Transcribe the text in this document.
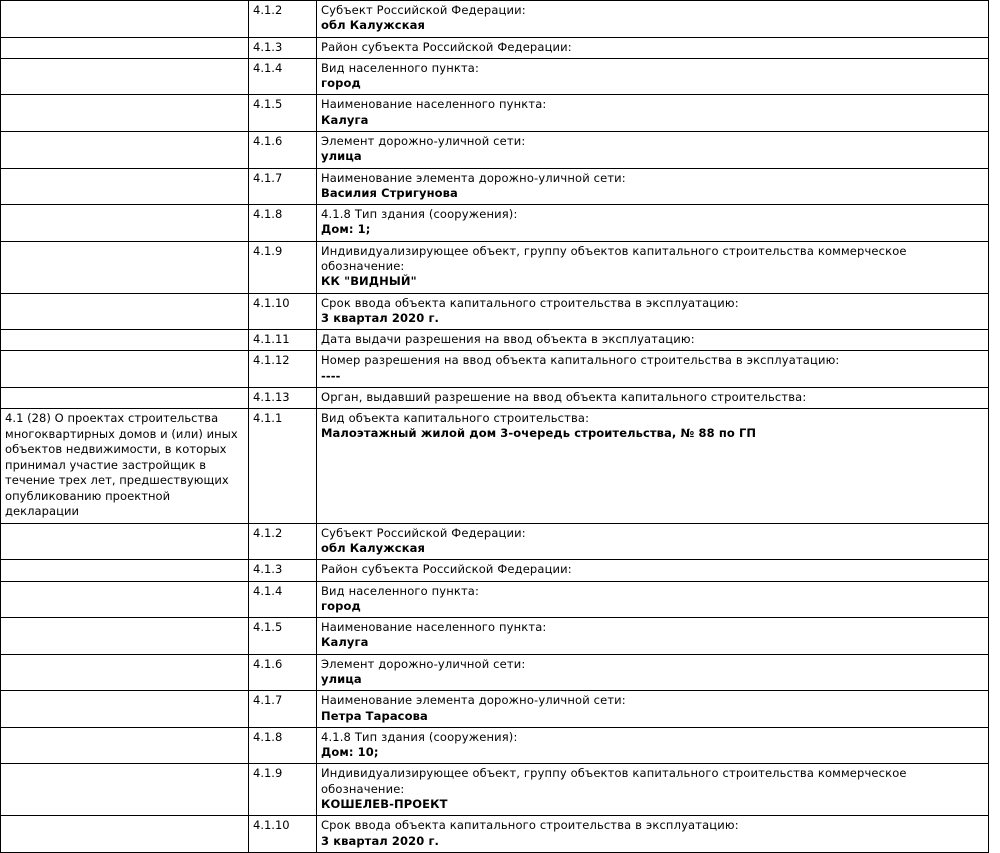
	4.1.2	Субъект Российской Федерации:
обл Калужская

	4.1.3	Район субъекта Российской Федерации:

	4.1.4	Вид населенного пункта:
город

	4.1.5	Наименование населенного пункта:
Калуга

	4.1.6	Элемент дорожно-уличной сети:
улица

	4.1.7	Наименование элемента дорожно-уличной сети:
Василия Стригунова

	4.1.8	4.1.8 Тип здания (сооружения):
Дом: 1;

	4.1.9	Индивидуализирующее объект, группу объектов капитального строительства коммерческое обозначение:
КК "ВИДНЫЙ"

	4.1.10	Срок ввода объекта капитального строительства в эксплуатацию:
3 квартал 2020 г.

	4.1.11	Дата выдачи разрешения на ввод объекта в эксплуатацию:

	4.1.12	Номер разрешения на ввод объекта капитального строительства в эксплуатацию:
----

	4.1.13	Орган, выдавший разрешение на ввод объекта капитального строительства:

4.1 (28) О проектах строительства многоквартирных домов и (или) иных объектов недвижимости, в которых принимал участие застройщик в течение трех лет, предшествующих опубликованию проектной декларации	4.1.1	Вид объекта капитального строительства:
Малоэтажный жилой дом 3-очередь строительства, № 88 по ГП

	4.1.2	Субъект Российской Федерации:
обл Калужская

	4.1.3	Район субъекта Российской Федерации:

	4.1.4	Вид населенного пункта:
город

	4.1.5	Наименование населенного пункта:
Калуга

	4.1.6	Элемент дорожно-уличной сети:
улица

	4.1.7	Наименование элемента дорожно-уличной сети:
Петра Тарасова

	4.1.8	4.1.8 Тип здания (сооружения):
Дом: 10;

	4.1.9	Индивидуализирующее объект, группу объектов капитального строительства коммерческое обозначение:
КОШЕЛЕВ-ПРОЕКТ

	4.1.10	Срок ввода объекта капитального строительства в эксплуатацию:
3 квартал 2020 г.
